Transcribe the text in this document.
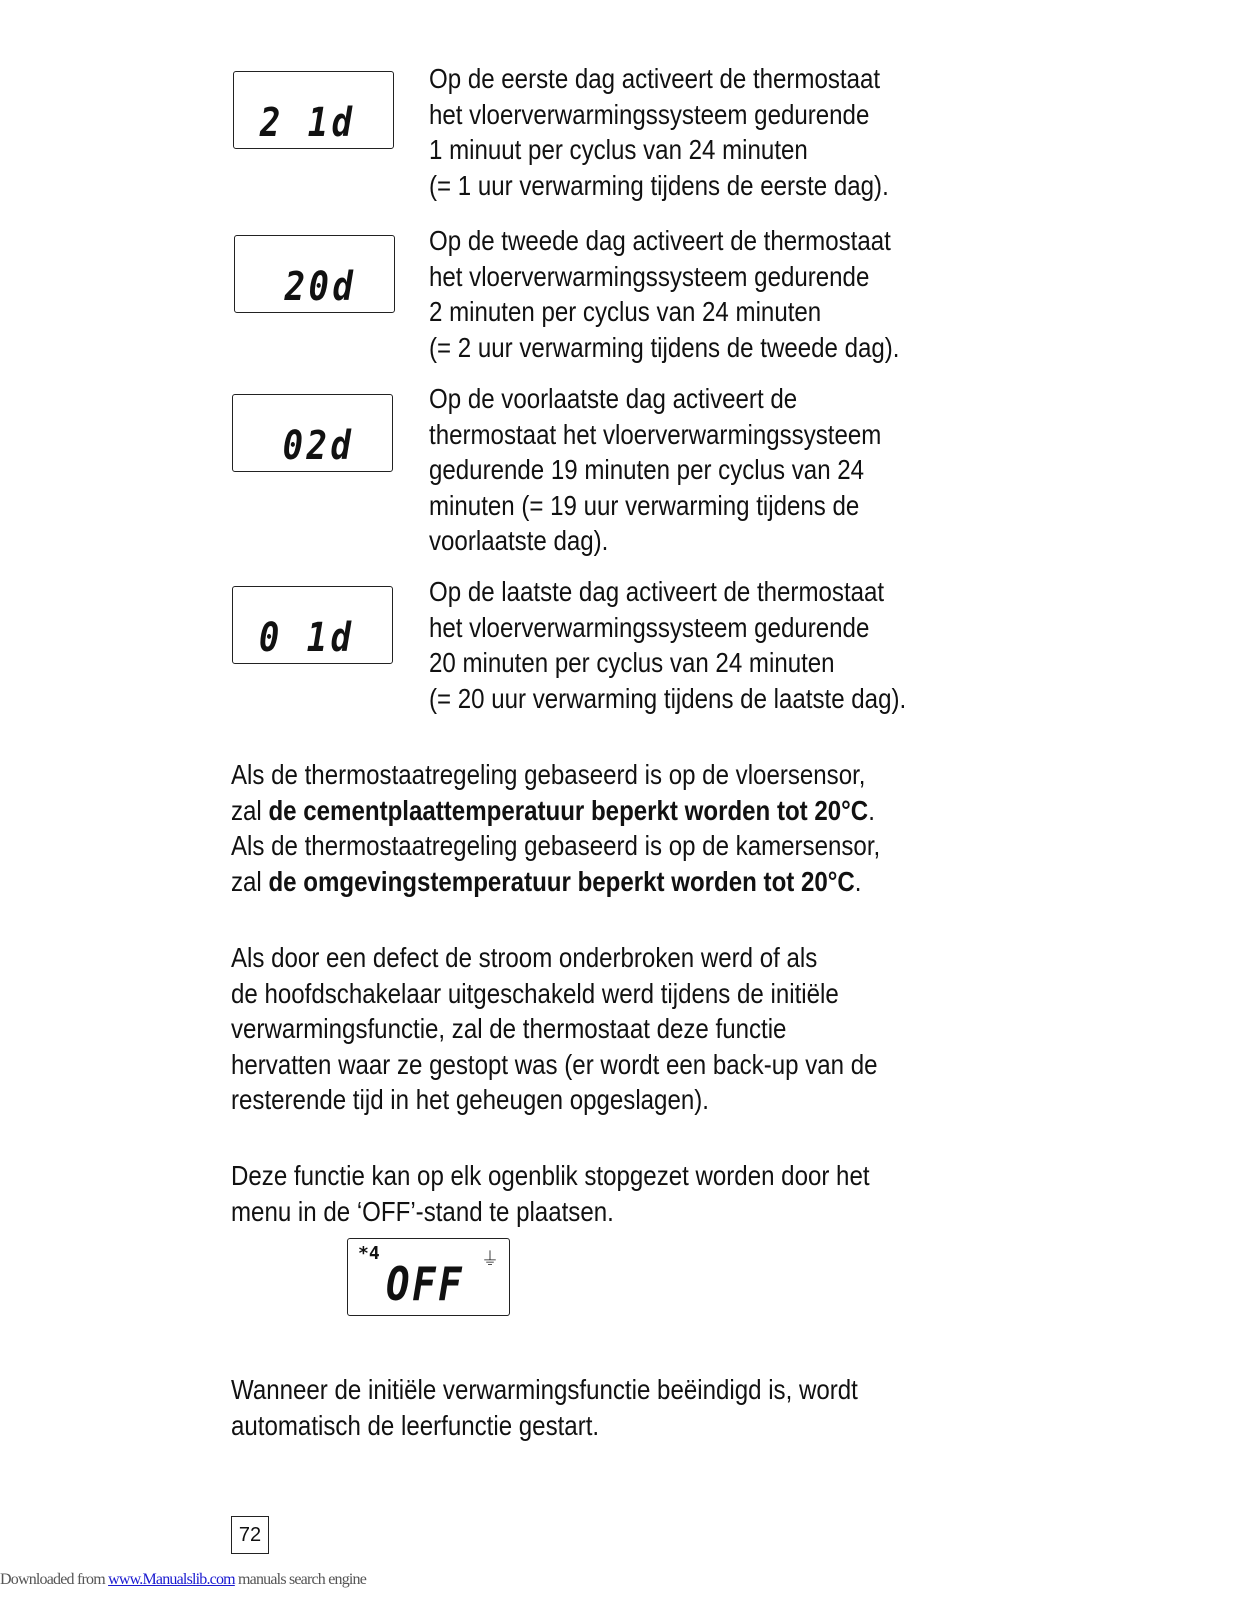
2 1d
20d
02d
0 1d
Op de eerste dag activeert de thermostaat
het vloerverwarmingssysteem gedurende
1 minuut per cyclus van 24 minuten
(= 1 uur verwarming tijdens de eerste dag).
Op de tweede dag activeert de thermostaat
het vloerverwarmingssysteem gedurende
2 minuten per cyclus van 24 minuten
(= 2 uur verwarming tijdens de tweede dag).
Op de voorlaatste dag activeert de
thermostaat het vloerverwarmingssysteem
gedurende 19 minuten per cyclus van 24
minuten (= 19 uur verwarming tijdens de
voorlaatste dag).
Op de laatste dag activeert de thermostaat
het vloerverwarmingssysteem gedurende
20 minuten per cyclus van 24 minuten
(= 20 uur verwarming tijdens de laatste dag).
Als de thermostaatregeling gebaseerd is op de vloersensor,
zal de cementplaattemperatuur beperkt worden tot 20°C.
Als de thermostaatregeling gebaseerd is op de kamersensor,
zal de omgevingstemperatuur beperkt worden tot 20°C.
Als door een defect de stroom onderbroken werd of als
de hoofdschakelaar uitgeschakeld werd tijdens de initiële
verwarmingsfunctie, zal de thermostaat deze functie
hervatten waar ze gestopt was (er wordt een back-up van de
resterende tijd in het geheugen opgeslagen).
Deze functie kan op elk ogenblik stopgezet worden door het
menu in de ‘OFF’-stand te plaatsen.
*4	⏚
OFF
Wanneer de initiële verwarmingsfunctie beëindigd is, wordt
automatisch de leerfunctie gestart.
72
Downloaded from www.Manualslib.com manuals search engine
